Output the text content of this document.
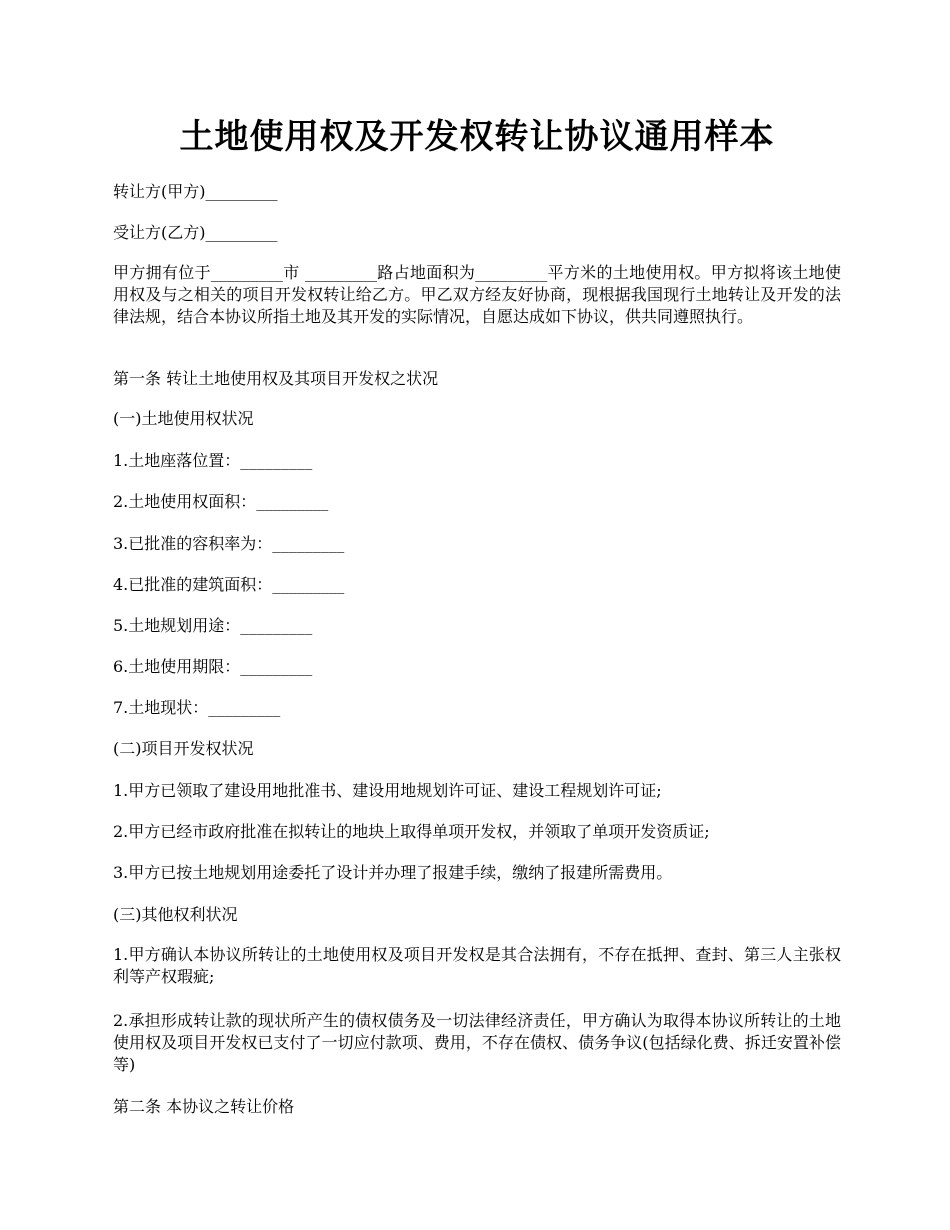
土地使用权及开发权转让协议通用样本
转让方(甲方)_________
受让方(乙方)_________
甲方拥有位于_________市 _________路占地面积为_________平方米的土地使用权。甲方拟将该土地使用权及与之相关的项目开发权转让给乙方。甲乙双方经友好协商，现根据我国现行土地转让及开发的法律法规，结合本协议所指土地及其开发的实际情况，自愿达成如下协议，供共同遵照执行。
第一条 转让土地使用权及其项目开发权之状况
(一)土地使用权状况
1.土地座落位置：_________
2.土地使用权面积：_________
3.已批准的容积率为：_________
4.已批准的建筑面积：_________
5.土地规划用途：_________
6.土地使用期限：_________
7.土地现状：_________
(二)项目开发权状况
1.甲方已领取了建设用地批准书、建设用地规划许可证、建设工程规划许可证;
2.甲方已经市政府批准在拟转让的地块上取得单项开发权，并领取了单项开发资质证;
3.甲方已按土地规划用途委托了设计并办理了报建手续，缴纳了报建所需费用。
(三)其他权利状况
1.甲方确认本协议所转让的土地使用权及项目开发权是其合法拥有，不存在抵押、查封、第三人主张权利等产权瑕疵;
2.承担形成转让款的现状所产生的债权债务及一切法律经济责任，甲方确认为取得本协议所转让的土地使用权及项目开发权已支付了一切应付款项、费用，不存在债权、债务争议(包括绿化费、拆迁安置补偿等)
第二条 本协议之转让价格
